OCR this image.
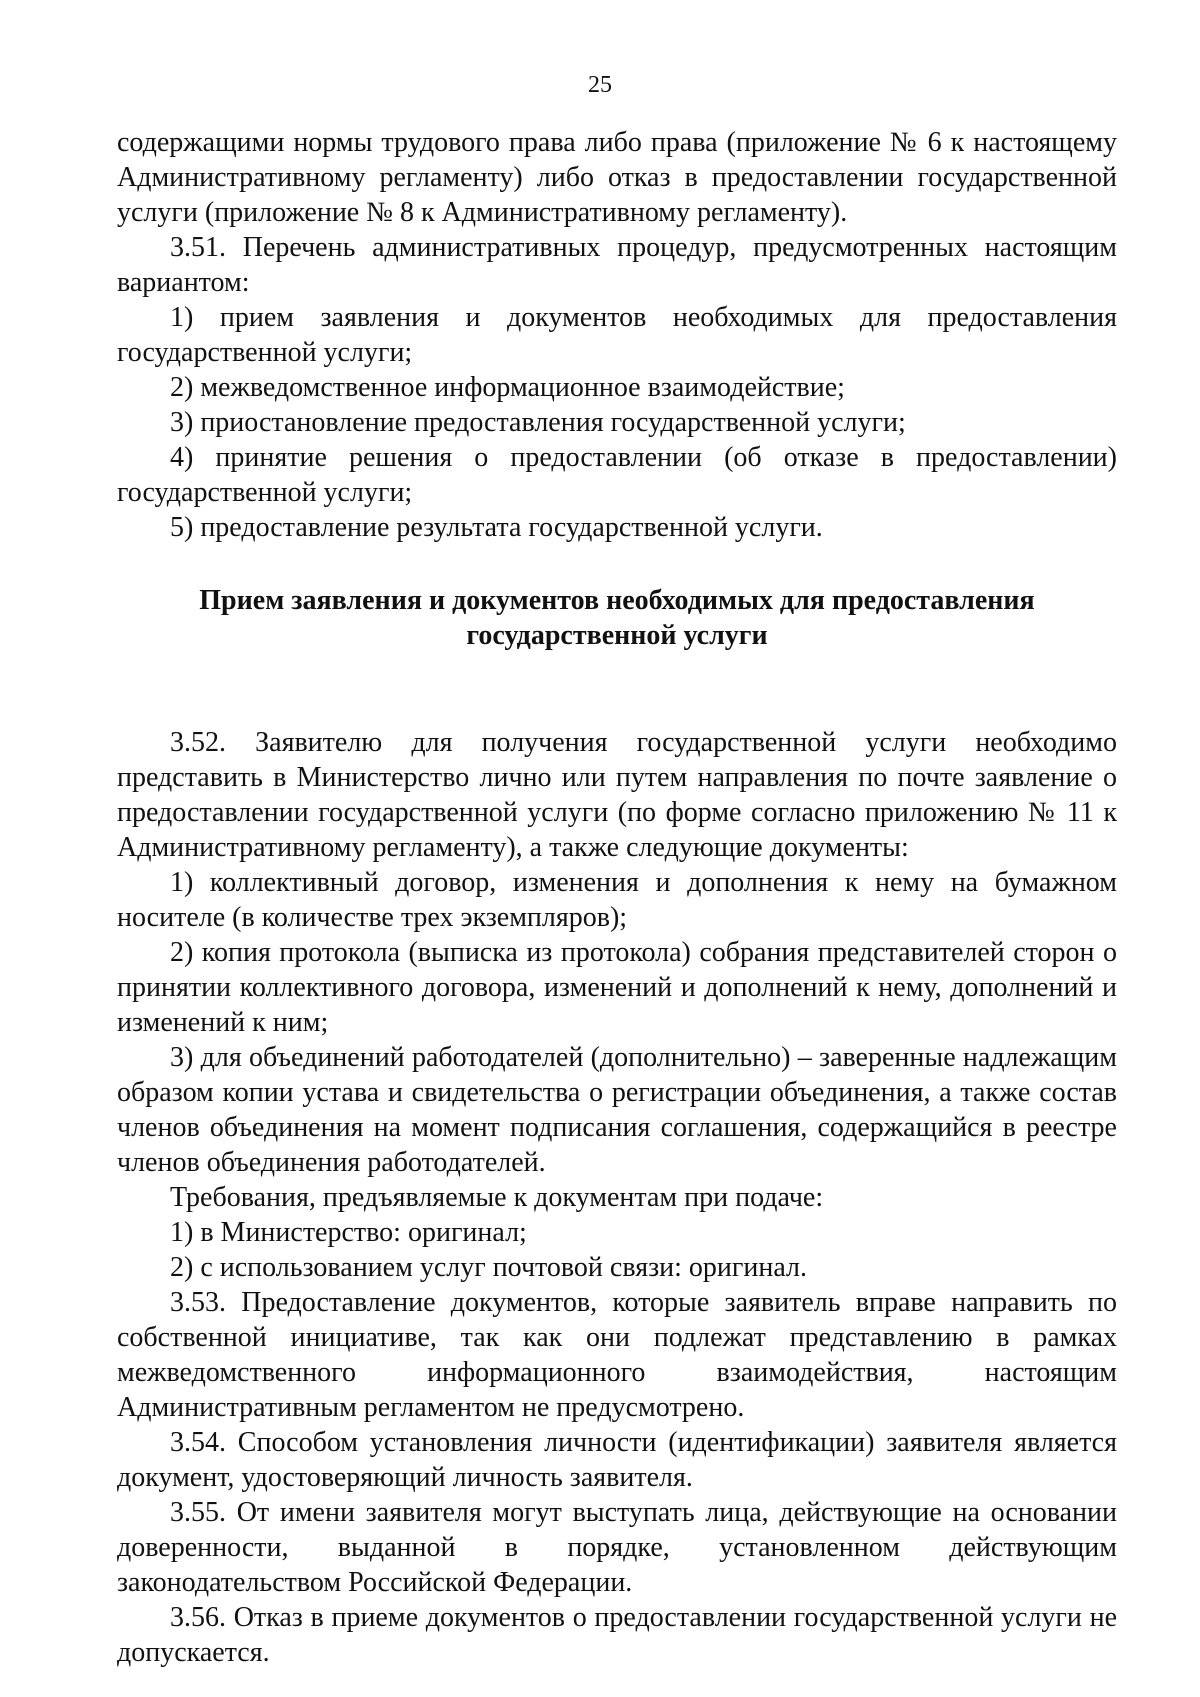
25

содержащими нормы трудового права либо права (приложение № 6 к настоящему Административному регламенту) либо отказ в предоставлении государственной услуги (приложение № 8 к Административному регламенту).

3.51. Перечень административных процедур, предусмотренных настоящим вариантом:

1) прием заявления и документов необходимых для предоставления государственной услуги;

2) межведомственное информационное взаимодействие;

3) приостановление предоставления государственной услуги;

4) принятие решения о предоставлении (об отказе в предоставлении) государственной услуги;

5) предоставление результата государственной услуги.

Прием заявления и документов необходимых для предоставления

государственной услуги

3.52. Заявителю для получения государственной услуги необходимо представить в Министерство лично или путем направления по почте заявление о предоставлении государственной услуги (по форме согласно приложению № 11 к Административному регламенту), а также следующие документы:

1) коллективный договор, изменения и дополнения к нему на бумажном носителе (в количестве трех экземпляров);

2) копия протокола (выписка из протокола) собрания представителей сторон о принятии коллективного договора, изменений и дополнений к нему, дополнений и изменений к ним;

3) для объединений работодателей (дополнительно) – заверенные надлежащим образом копии устава и свидетельства о регистрации объединения, а также состав членов объединения на момент подписания соглашения, содержащийся в реестре членов объединения работодателей.

Требования, предъявляемые к документам при подаче:

1) в Министерство: оригинал;

2) с использованием услуг почтовой связи: оригинал.

3.53. Предоставление документов, которые заявитель вправе направить по собственной инициативе, так как они подлежат представлению в рамках межведомственного информационного взаимодействия, настоящим Административным регламентом не предусмотрено.

3.54. Способом установления личности (идентификации) заявителя является документ, удостоверяющий личность заявителя.

3.55. От имени заявителя могут выступать лица, действующие на основании доверенности, выданной в порядке, установленном действующим законодательством Российской Федерации.

3.56. Отказ в приеме документов о предоставлении государственной услуги не допускается.
